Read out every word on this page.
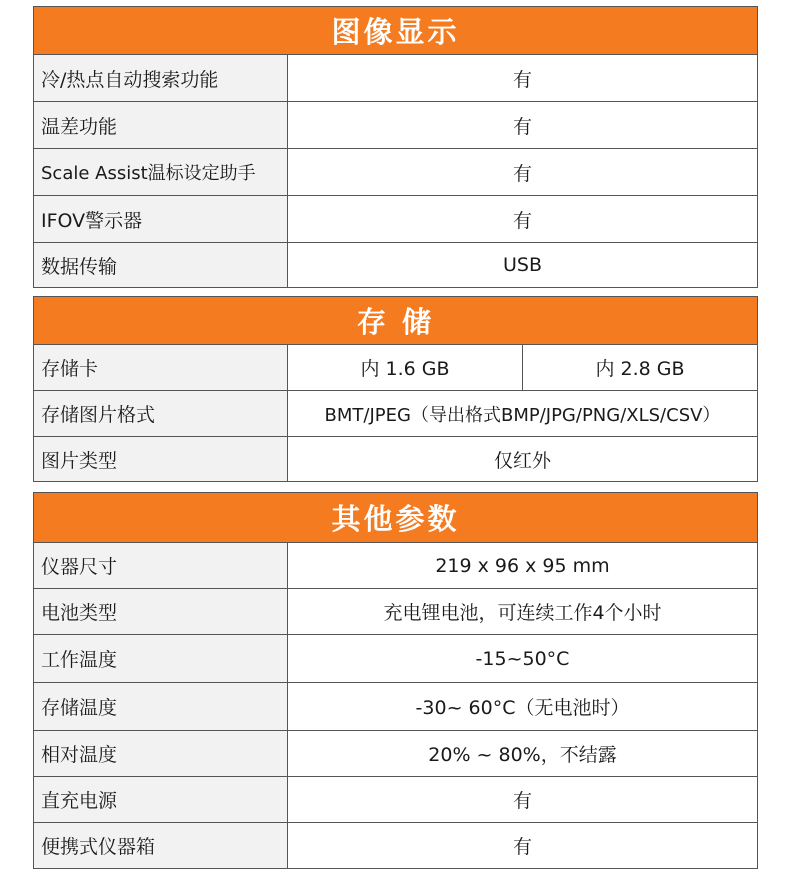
图像显示
冷/热点自动搜索功能	有
温差功能	有
Scale Assist温标设定助手	有
IFOV警示器	有
数据传输	USB
存 储
存储卡	内 1.6 GB	内 2.8 GB
存储图片格式	BMT/JPEG（导出格式BMP/JPG/PNG/XLS/CSV）
图片类型	仅红外
其他参数
仪器尺寸	219 x 96 x 95 mm
电池类型	充电锂电池，可连续工作4个小时
工作温度	-15~50°C
存储温度	-30~ 60°C（无电池时）
相对温度	20% ~ 80%，不结露
直充电源	有
便携式仪器箱	有
